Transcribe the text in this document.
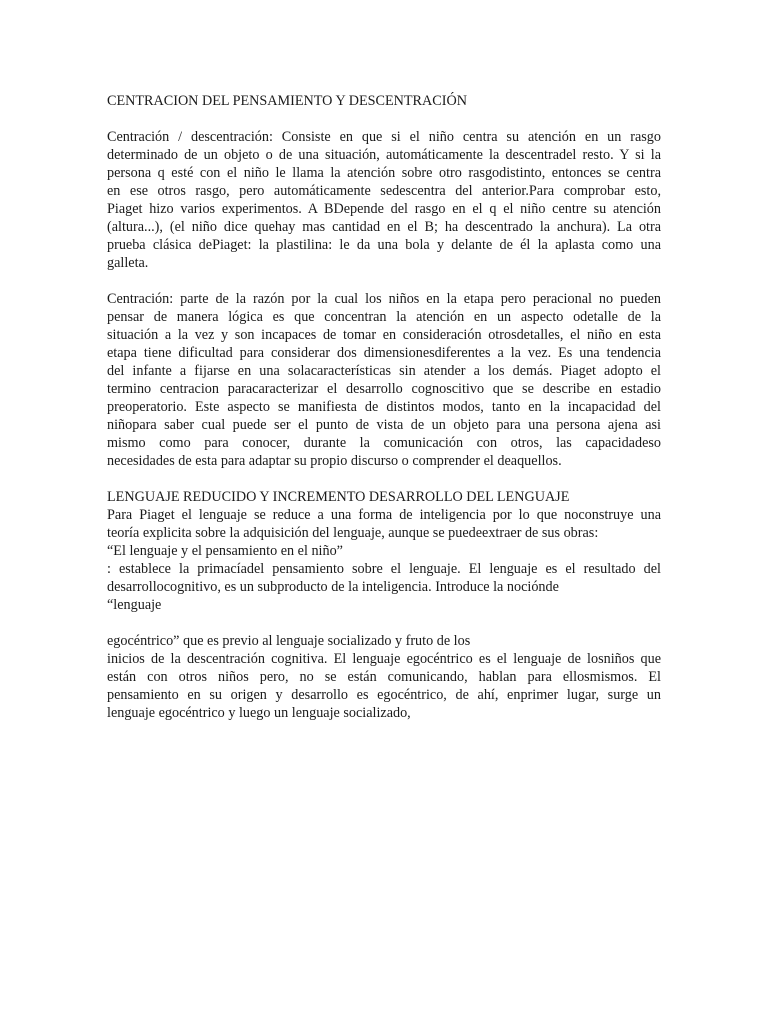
CENTRACION DEL PENSAMIENTO Y DESCENTRACIÓN
Centración / descentración: Consiste en que si el niño centra su atención en un rasgo
determinado de un objeto o de una situación, automáticamente la descentradel resto. Y si la
persona q esté con el niño le llama la atención sobre otro rasgodistinto, entonces se centra
en ese otros rasgo, pero automáticamente sedescentra del anterior.Para comprobar esto,
Piaget hizo varios experimentos. A BDepende del rasgo en el q el niño centre su atención
(altura...), (el niño dice quehay mas cantidad en el B; ha descentrado la anchura). La otra
prueba clásica dePiaget: la plastilina: le da una bola y delante de él la aplasta como una
galleta.
Centración: parte de la razón por la cual los niños en la etapa pero peracional no pueden
pensar de manera lógica es que concentran la atención en un aspecto odetalle de la
situación a la vez y son incapaces de tomar en consideración otrosdetalles, el niño en esta
etapa tiene dificultad para considerar dos dimensionesdiferentes a la vez. Es una tendencia
del infante a fijarse en una solacaracterísticas sin atender a los demás. Piaget adopto el
termino centracion paracaracterizar el desarrollo cognoscitivo que se describe en estadio
preoperatorio. Este aspecto se manifiesta de distintos modos, tanto en la incapacidad del
niñopara saber cual puede ser el punto de vista de un objeto para una persona ajena asi
mismo como para conocer, durante la comunicación con otros, las capacidadeso
necesidades de esta para adaptar su propio discurso o comprender el deaquellos.
LENGUAJE REDUCIDO Y INCREMENTO DESARROLLO DEL LENGUAJE
Para Piaget el lenguaje se reduce a una forma de inteligencia por lo que noconstruye una
teoría explicita sobre la adquisición del lenguaje, aunque se puedeextraer de sus obras:
“El lenguaje y el pensamiento en el niño”
: establece la primacíadel pensamiento sobre el lenguaje. El lenguaje es el resultado del
desarrollocognitivo, es un subproducto de la inteligencia. Introduce la nociónde
“lenguaje
egocéntrico” que es previo al lenguaje socializado y fruto de los
inicios de la descentración cognitiva. El lenguaje egocéntrico es el lenguaje de losniños que
están con otros niños pero, no se están comunicando, hablan para ellosmismos. El
pensamiento en su origen y desarrollo es egocéntrico, de ahí, enprimer lugar, surge un
lenguaje egocéntrico y luego un lenguaje socializado,
